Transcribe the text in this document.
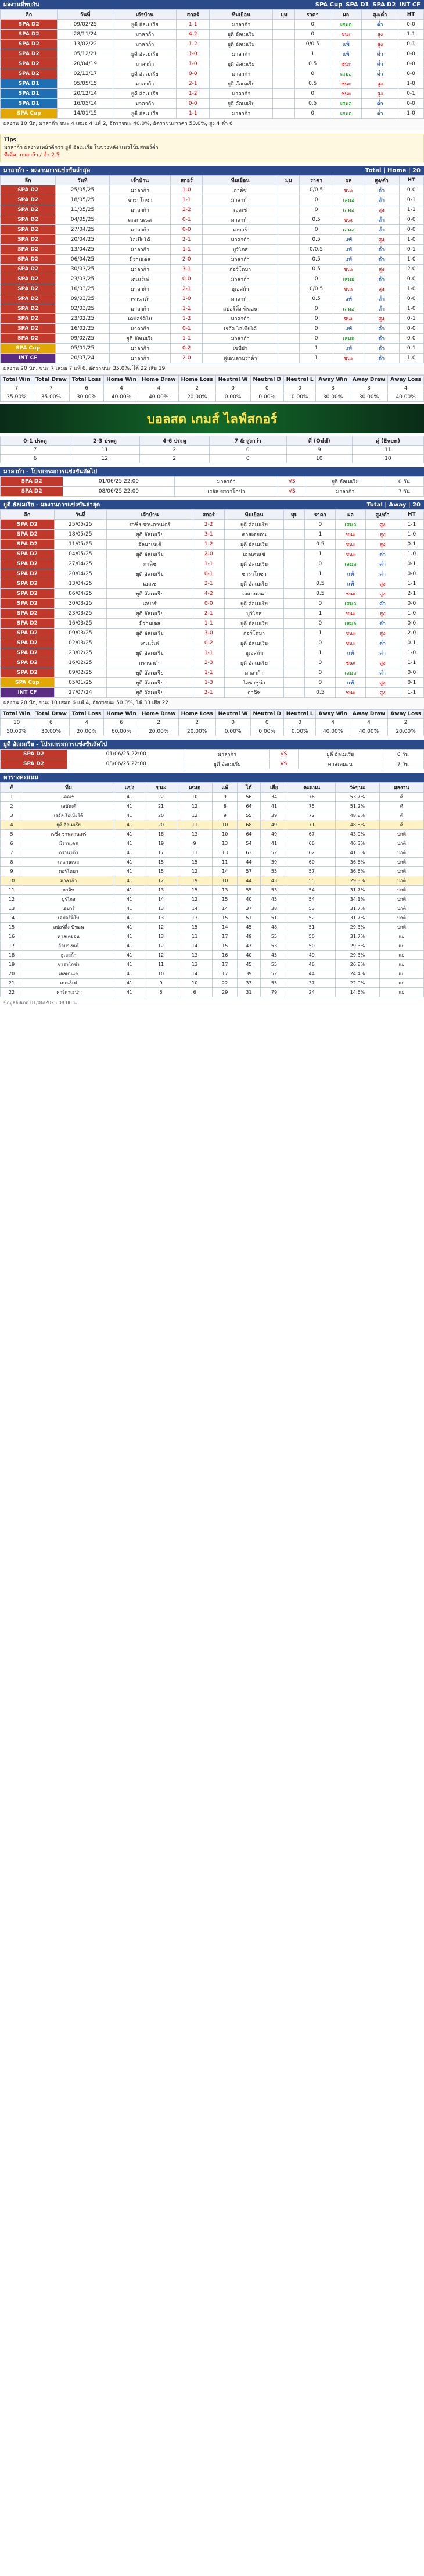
ผลงานที่พบกัน	SPA Cup SPA D1 SPA D2 INT CF
ลีก	วันที่	เจ้าบ้าน	สกอร์	ทีมเยือน	มุม	ราคา	ผล	สูง/ต่ำ	HT
SPA D2	09/02/25	ยูดี อัลเมเรีย	1-1	มาลาก้า		0	เสมอ	ต่ำ	0-0
SPA D2	28/11/24	มาลาก้า	4-2	ยูดี อัลเมเรีย		0	ชนะ	สูง	1-1
SPA D2	13/02/22	มาลาก้า	1-2	ยูดี อัลเมเรีย		0/0.5	แพ้	สูง	0-1
SPA D2	05/12/21	ยูดี อัลเมเรีย	1-0	มาลาก้า		1	แพ้	ต่ำ	0-0
SPA D2	20/04/19	มาลาก้า	1-0	ยูดี อัลเมเรีย		0.5	ชนะ	ต่ำ	0-0
SPA D2	02/12/17	ยูดี อัลเมเรีย	0-0	มาลาก้า		0	เสมอ	ต่ำ	0-0
SPA D1	05/05/15	มาลาก้า	2-1	ยูดี อัลเมเรีย		0.5	ชนะ	สูง	1-0
SPA D1	20/12/14	ยูดี อัลเมเรีย	1-2	มาลาก้า		0	ชนะ	สูง	0-1
SPA D1	16/05/14	มาลาก้า	0-0	ยูดี อัลเมเรีย		0.5	เสมอ	ต่ำ	0-0
SPA Cup	14/01/15	ยูดี อัลเมเรีย	1-1	มาลาก้า		0	เสมอ	ต่ำ	1-0
ผลงาน 10 นัด, มาลาก้า ชนะ 4 เสมอ 4 แพ้ 2, อัตราชนะ 40.0%, อัตราชนะราคา 50.0%, สูง 4 ต่ำ 6
Tips
มาลาก้า ผลงานเหย้าดีกว่า ยูดี อัลเมเรีย ในช่วงหลัง แนวโน้มสกอร์ต่ำ
ทีเด็ด: มาลาก้า / ต่ำ 2.5
มาลาก้า - ผลงานการแข่งขันล่าสุด	Total | Home | 20
ลีก	วันที่	เจ้าบ้าน	สกอร์	ทีมเยือน	มุม	ราคา	ผล	สูง/ต่ำ	HT
SPA D2	25/05/25	มาลาก้า	1-0	กาดิซ		0/0.5	ชนะ	ต่ำ	0-0
SPA D2	18/05/25	ซาราโกซ่า	1-1	มาลาก้า		0	เสมอ	ต่ำ	0-1
SPA D2	11/05/25	มาลาก้า	2-2	เอลเช่		0	เสมอ	สูง	1-1
SPA D2	04/05/25	เลแกนเนส	0-1	มาลาก้า		0.5	ชนะ	ต่ำ	0-0
SPA D2	27/04/25	มาลาก้า	0-0	เอบาร์		0	เสมอ	ต่ำ	0-0
SPA D2	20/04/25	โอเบียโด้	2-1	มาลาก้า		0.5	แพ้	สูง	1-0
SPA D2	13/04/25	มาลาก้า	1-1	บูร์โกส		0/0.5	แพ้	ต่ำ	0-1
SPA D2	06/04/25	มิรานเดส	2-0	มาลาก้า		0.5	แพ้	ต่ำ	1-0
SPA D2	30/03/25	มาลาก้า	3-1	กอร์โดบา		0.5	ชนะ	สูง	2-0
SPA D2	23/03/25	เตเนริเฟ่	0-0	มาลาก้า		0	เสมอ	ต่ำ	0-0
SPA D2	16/03/25	มาลาก้า	2-1	ฮูเอสก้า		0/0.5	ชนะ	สูง	1-0
SPA D2	09/03/25	กรานาด้า	1-0	มาลาก้า		0.5	แพ้	ต่ำ	0-0
SPA D2	02/03/25	มาลาก้า	1-1	สปอร์ติ้ง ฆิฆอน		0	เสมอ	ต่ำ	1-0
SPA D2	23/02/25	เดปอร์ติโบ	1-2	มาลาก้า		0	ชนะ	สูง	0-1
SPA D2	16/02/25	มาลาก้า	0-1	เรอัล โอเบียโด้		0	แพ้	ต่ำ	0-0
SPA D2	09/02/25	ยูดี อัลเมเรีย	1-1	มาลาก้า		0	เสมอ	ต่ำ	0-0
SPA Cup	05/01/25	มาลาก้า	0-2	เซบีย่า		1	แพ้	ต่ำ	0-1
INT CF	20/07/24	มาลาก้า	2-0	ฟูเอนลาบราด้า		1	ชนะ	ต่ำ	1-0
ผลงาน 20 นัด, ชนะ 7 เสมอ 7 แพ้ 6, อัตราชนะ 35.0%, ได้ 22 เสีย 19
Total Win	Total Draw	Total Loss	Home Win	Home Draw	Home Loss	Neutral W	Neutral D	Neutral L	Away Win	Away Draw	Away Loss
7	7	6	4	4	2	0	0	0	3	3	4
35.00%	35.00%	30.00%	40.00%	40.00%	20.00%	0.00%	0.00%	0.00%	30.00%	30.00%	40.00%
บอลสด เกมส์ ไลฟ์สกอร์
0-1 ประตู	2-3 ประตู	4-6 ประตู	7 & สูงกว่า	คี่ (Odd)	คู่ (Even)
7	11	2	0	9	11
6	12	2	0	10	10
มาลาก้า - โปรแกรมการแข่งขันถัดไป
SPA D2	01/06/25 22:00	มาลาก้า	VS	ยูดี อัลเมเรีย	0 วัน
SPA D2	08/06/25 22:00	เรอัล ซาราโกซ่า	VS	มาลาก้า	7 วัน
ยูดี อัลเมเรีย - ผลงานการแข่งขันล่าสุด	Total | Away | 20
ลีก	วันที่	เจ้าบ้าน	สกอร์	ทีมเยือน	มุม	ราคา	ผล	สูง/ต่ำ	HT
SPA D2	25/05/25	ราซิ่ง ซานตานเดร์	2-2	ยูดี อัลเมเรีย		0	เสมอ	สูง	1-1
SPA D2	18/05/25	ยูดี อัลเมเรีย	3-1	คาสเตยอน		1	ชนะ	สูง	1-0
SPA D2	11/05/25	อัลบาเซเต้	1-2	ยูดี อัลเมเรีย		0.5	ชนะ	สูง	0-1
SPA D2	04/05/25	ยูดี อัลเมเรีย	2-0	เอลเดนเซ่		1	ชนะ	ต่ำ	1-0
SPA D2	27/04/25	กาดิซ	1-1	ยูดี อัลเมเรีย		0	เสมอ	ต่ำ	0-1
SPA D2	20/04/25	ยูดี อัลเมเรีย	0-1	ซาราโกซ่า		1	แพ้	ต่ำ	0-0
SPA D2	13/04/25	เอลเช่	2-1	ยูดี อัลเมเรีย		0.5	แพ้	สูง	1-1
SPA D2	06/04/25	ยูดี อัลเมเรีย	4-2	เลแกนเนส		0.5	ชนะ	สูง	2-1
SPA D2	30/03/25	เอบาร์	0-0	ยูดี อัลเมเรีย		0	เสมอ	ต่ำ	0-0
SPA D2	23/03/25	ยูดี อัลเมเรีย	2-1	บูร์โกส		1	ชนะ	สูง	1-0
SPA D2	16/03/25	มิรานเดส	1-1	ยูดี อัลเมเรีย		0	เสมอ	ต่ำ	0-0
SPA D2	09/03/25	ยูดี อัลเมเรีย	3-0	กอร์โดบา		1	ชนะ	สูง	2-0
SPA D2	02/03/25	เตเนริเฟ่	0-2	ยูดี อัลเมเรีย		0	ชนะ	ต่ำ	0-1
SPA D2	23/02/25	ยูดี อัลเมเรีย	1-1	ฮูเอสก้า		1	แพ้	ต่ำ	1-0
SPA D2	16/02/25	กรานาด้า	2-3	ยูดี อัลเมเรีย		0	ชนะ	สูง	1-1
SPA D2	09/02/25	ยูดี อัลเมเรีย	1-1	มาลาก้า		0	เสมอ	ต่ำ	0-0
SPA Cup	05/01/25	ยูดี อัลเมเรีย	1-3	โอซาซูน่า		0	แพ้	สูง	0-1
INT CF	27/07/24	ยูดี อัลเมเรีย	2-1	กาดิซ		0.5	ชนะ	สูง	1-1
ผลงาน 20 นัด, ชนะ 10 เสมอ 6 แพ้ 4, อัตราชนะ 50.0%, ได้ 33 เสีย 22
Total Win	Total Draw	Total Loss	Home Win	Home Draw	Home Loss	Neutral W	Neutral D	Neutral L	Away Win	Away Draw	Away Loss
10	6	4	6	2	2	0	0	0	4	4	2
50.00%	30.00%	20.00%	60.00%	20.00%	20.00%	0.00%	0.00%	0.00%	40.00%	40.00%	20.00%
ยูดี อัลเมเรีย - โปรแกรมการแข่งขันถัดไป
SPA D2	01/06/25 22:00	มาลาก้า	VS	ยูดี อัลเมเรีย	0 วัน
SPA D2	08/06/25 22:00	ยูดี อัลเมเรีย	VS	คาสเตยอน	7 วัน
ตารางคะแนน
#	ทีม	แข่ง	ชนะ	เสมอ	แพ้	ได้	เสีย	คะแนน	%ชนะ	ผลงาน
1	เอลเช่	41	22	10	9	56	34	76	53.7%	ดี
2	เลบันเต้	41	21	12	8	64	41	75	51.2%	ดี
3	เรอัล โอเบียโด้	41	20	12	9	55	39	72	48.8%	ดี
4	ยูดี อัลเมเรีย	41	20	11	10	68	49	71	48.8%	ดี
5	เรซิ่ง ซานตานเดร์	41	18	13	10	64	49	67	43.9%	ปกติ
6	มิรานเดส	41	19	9	13	54	41	66	46.3%	ปกติ
7	กรานาด้า	41	17	11	13	63	52	62	41.5%	ปกติ
8	เลแกนเนส	41	15	15	11	44	39	60	36.6%	ปกติ
9	กอร์โดบา	41	15	12	14	57	55	57	36.6%	ปกติ
10	มาลาก้า	41	12	19	10	44	43	55	29.3%	ปกติ
11	กาดิซ	41	13	15	13	55	53	54	31.7%	ปกติ
12	บูร์โกส	41	14	12	15	40	45	54	34.1%	ปกติ
13	เอบาร์	41	13	14	14	37	38	53	31.7%	ปกติ
14	เดปอร์ติโบ	41	13	13	15	51	51	52	31.7%	ปกติ
15	สปอร์ติ้ง ฆิฆอน	41	12	15	14	45	48	51	29.3%	ปกติ
16	คาสเตยอน	41	13	11	17	49	55	50	31.7%	แย่
17	อัลบาเซเต้	41	12	14	15	47	53	50	29.3%	แย่
18	ฮูเอสก้า	41	12	13	16	40	45	49	29.3%	แย่
19	ซาราโกซ่า	41	11	13	17	45	55	46	26.8%	แย่
20	เอลเดนเซ่	41	10	14	17	39	52	44	24.4%	แย่
21	เตเนริเฟ่	41	9	10	22	33	55	37	22.0%	แย่
22	คาร์ตาเฮน่า	41	6	6	29	31	79	24	14.6%	แย่
ข้อมูลอัปเดต 01/06/2025 08:00 น.
